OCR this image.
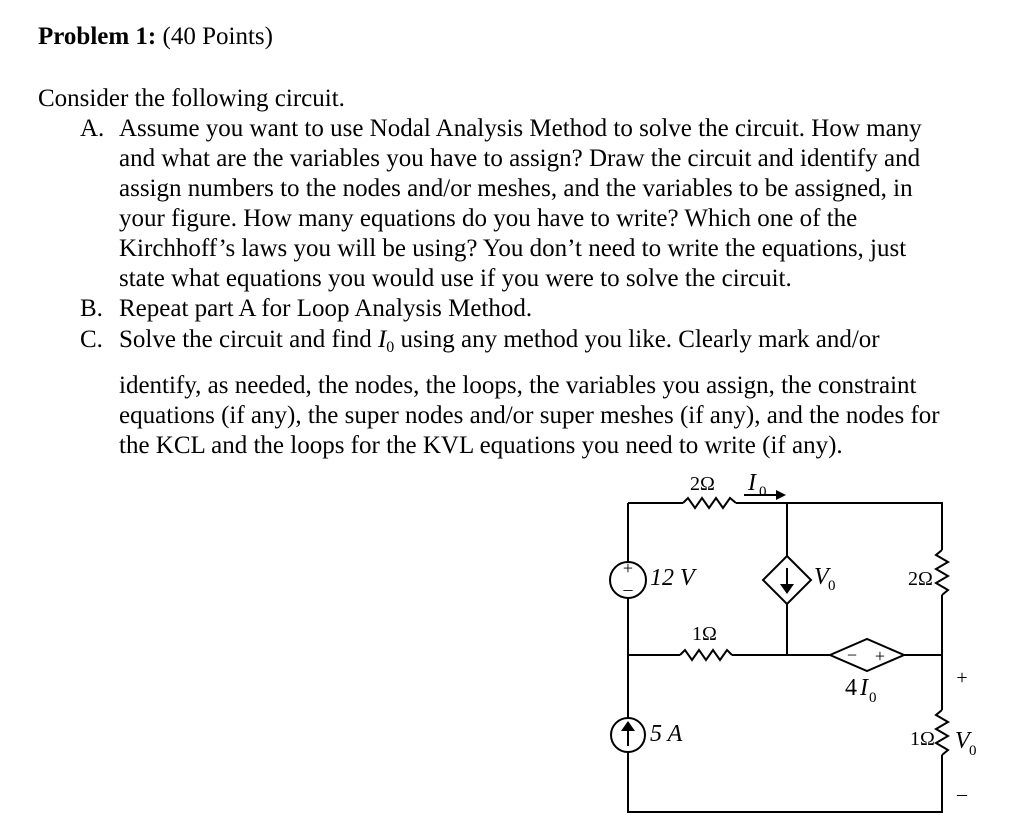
Problem 1: (40 Points)
Consider the following circuit.
A. Assume you want to use Nodal Analysis Method to solve the circuit. How many
and what are the variables you have to assign? Draw the circuit and identify and
assign numbers to the nodes and/or meshes, and the variables to be assigned, in
your figure. How many equations do you have to write? Which one of the
Kirchhoff’s laws you will be using? You don’t need to write the equations, just
state what equations you would use if you were to solve the circuit.
B. Repeat part A for Loop Analysis Method.
C. Solve the circuit and find $I_0$ using any method you like. Clearly mark and/or
identify, as needed, the nodes, the loops, the variables you assign, the constraint
equations (if any), the super nodes and/or super meshes (if any), and the nodes for
the KCL and the loops for the KVL equations you need to write (if any).
+
– 12 V
5 A
V 0
− +
4 I 0
2Ω
1Ω
2Ω
1Ω
I 0
+
V 0
–
